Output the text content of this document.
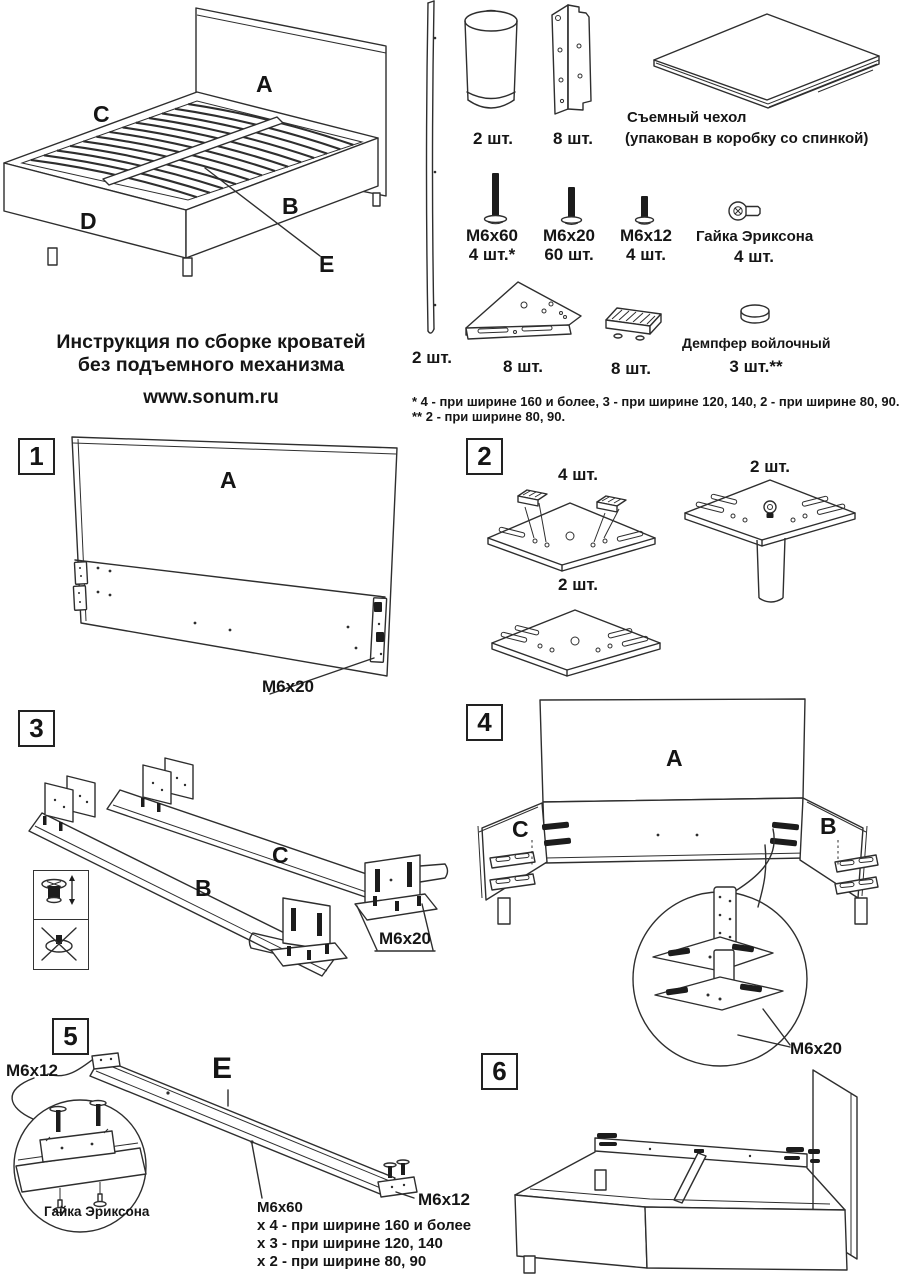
A
C
B
D
E
Инструкция по сборке кроватей
без подъемного механизма
www.sonum.ru
2 шт.
2 шт.	8 шт.
Съемный чехол
(упакован в коробку со спинкой)
М6х60
4 шт.*
М6х20
60 шт.
М6х12
4 шт.
Гайка Эриксона
4 шт.
8 шт.	8 шт.
Демпфер войлочный
3 шт.**
* 4 - при ширине 160 и более, 3 - при ширине 120, 140, 2 - при ширине 80, 90.
** 2 - при ширине 80, 90.
1
A
М6х20
2
4 шт.
2 шт.
2 шт.
3
C
B
М6х20
4
A
C	B
М6х20
5
М6х12	E
Гайка Эриксона	М6х60
х 4 - при ширине 160 и более
х 3 - при ширине 120, 140
х 2 - при ширине 80, 90
М6х12
6
